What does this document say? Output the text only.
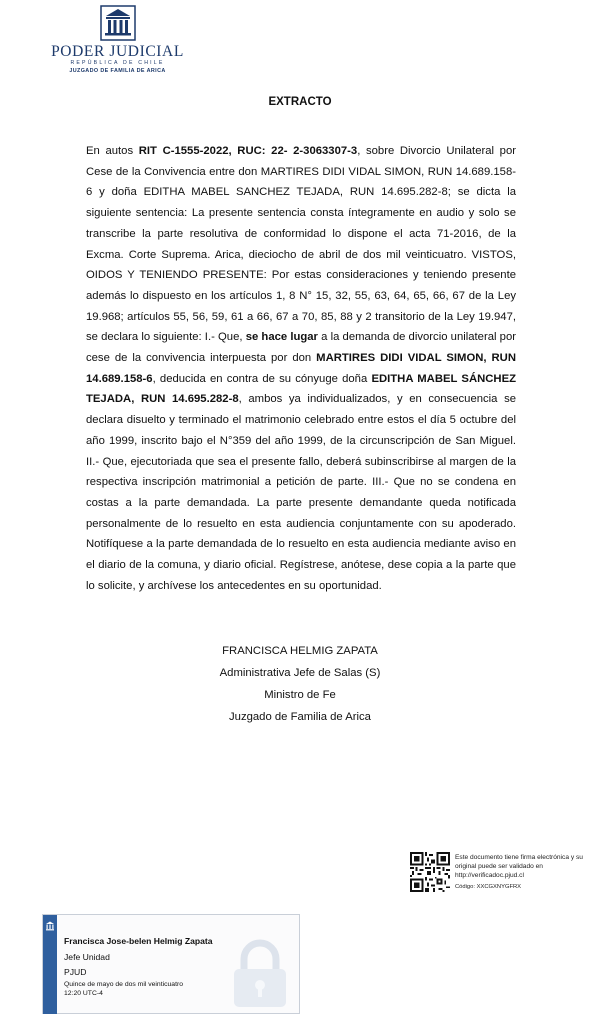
PODER JUDICIAL
REPÚBLICA DE CHILE
JUZGADO DE FAMILIA DE ARICA
EXTRACTO

En autos RIT C-1555-2022, RUC: 22- 2-3063307-3, sobre Divorcio Unilateral por Cese de la Convivencia entre don MARTIRES DIDI VIDAL SIMON, RUN 14.689.158-6 y doña EDITHA MABEL SANCHEZ TEJADA, RUN 14.695.282-8; se dicta la siguiente sentencia: La presente sentencia consta íntegramente en audio y solo se transcribe la parte resolutiva de conformidad lo dispone el acta 71-2016, de la Excma. Corte Suprema. Arica, dieciocho de abril de dos mil veinticuatro. VISTOS, OIDOS Y TENIENDO PRESENTE: Por estas consideraciones y teniendo presente además lo dispuesto en los artículos 1, 8 N° 15, 32, 55, 63, 64, 65, 66, 67 de la Ley 19.968; artículos 55, 56, 59, 61 a 66, 67 a 70, 85, 88 y 2 transitorio de la Ley 19.947, se declara lo siguiente: I.- Que, se hace lugar a la demanda de divorcio unilateral por cese de la convivencia interpuesta por don MARTIRES DIDI VIDAL SIMON, RUN 14.689.158-6, deducida en contra de su cónyuge doña EDITHA MABEL SÁNCHEZ TEJADA, RUN 14.695.282-8, ambos ya individualizados, y en consecuencia se declara disuelto y terminado el matrimonio celebrado entre estos el día 5 octubre del año 1999, inscrito bajo el N°359 del año 1999, de la circunscripción de San Miguel. II.- Que, ejecutoriada que sea el presente fallo, deberá subinscribirse al margen de la respectiva inscripción matrimonial a petición de parte. III.- Que no se condena en costas a la parte demandada. La parte presente demandante queda notificada personalmente de lo resuelto en esta audiencia conjuntamente con su apoderado. Notifíquese a la parte demandada de lo resuelto en esta audiencia mediante aviso en el diario de la comuna, y diario oficial. Regístrese, anótese, dese copia a la parte que lo solicite, y archívese los antecedentes en su oportunidad.

FRANCISCA HELMIG ZAPATA
Administrativa Jefe de Salas (S)
Ministro de Fe
Juzgado de Familia de Arica
Este documento tiene firma electrónica y su original puede ser validado en http://verificadoc.pjud.cl
Código: XXCGXNYGFRX
Francisca Jose-belen Helmig Zapata
Jefe Unidad
PJUD
Quince de mayo de dos mil veinticuatro
12:20 UTC-4
